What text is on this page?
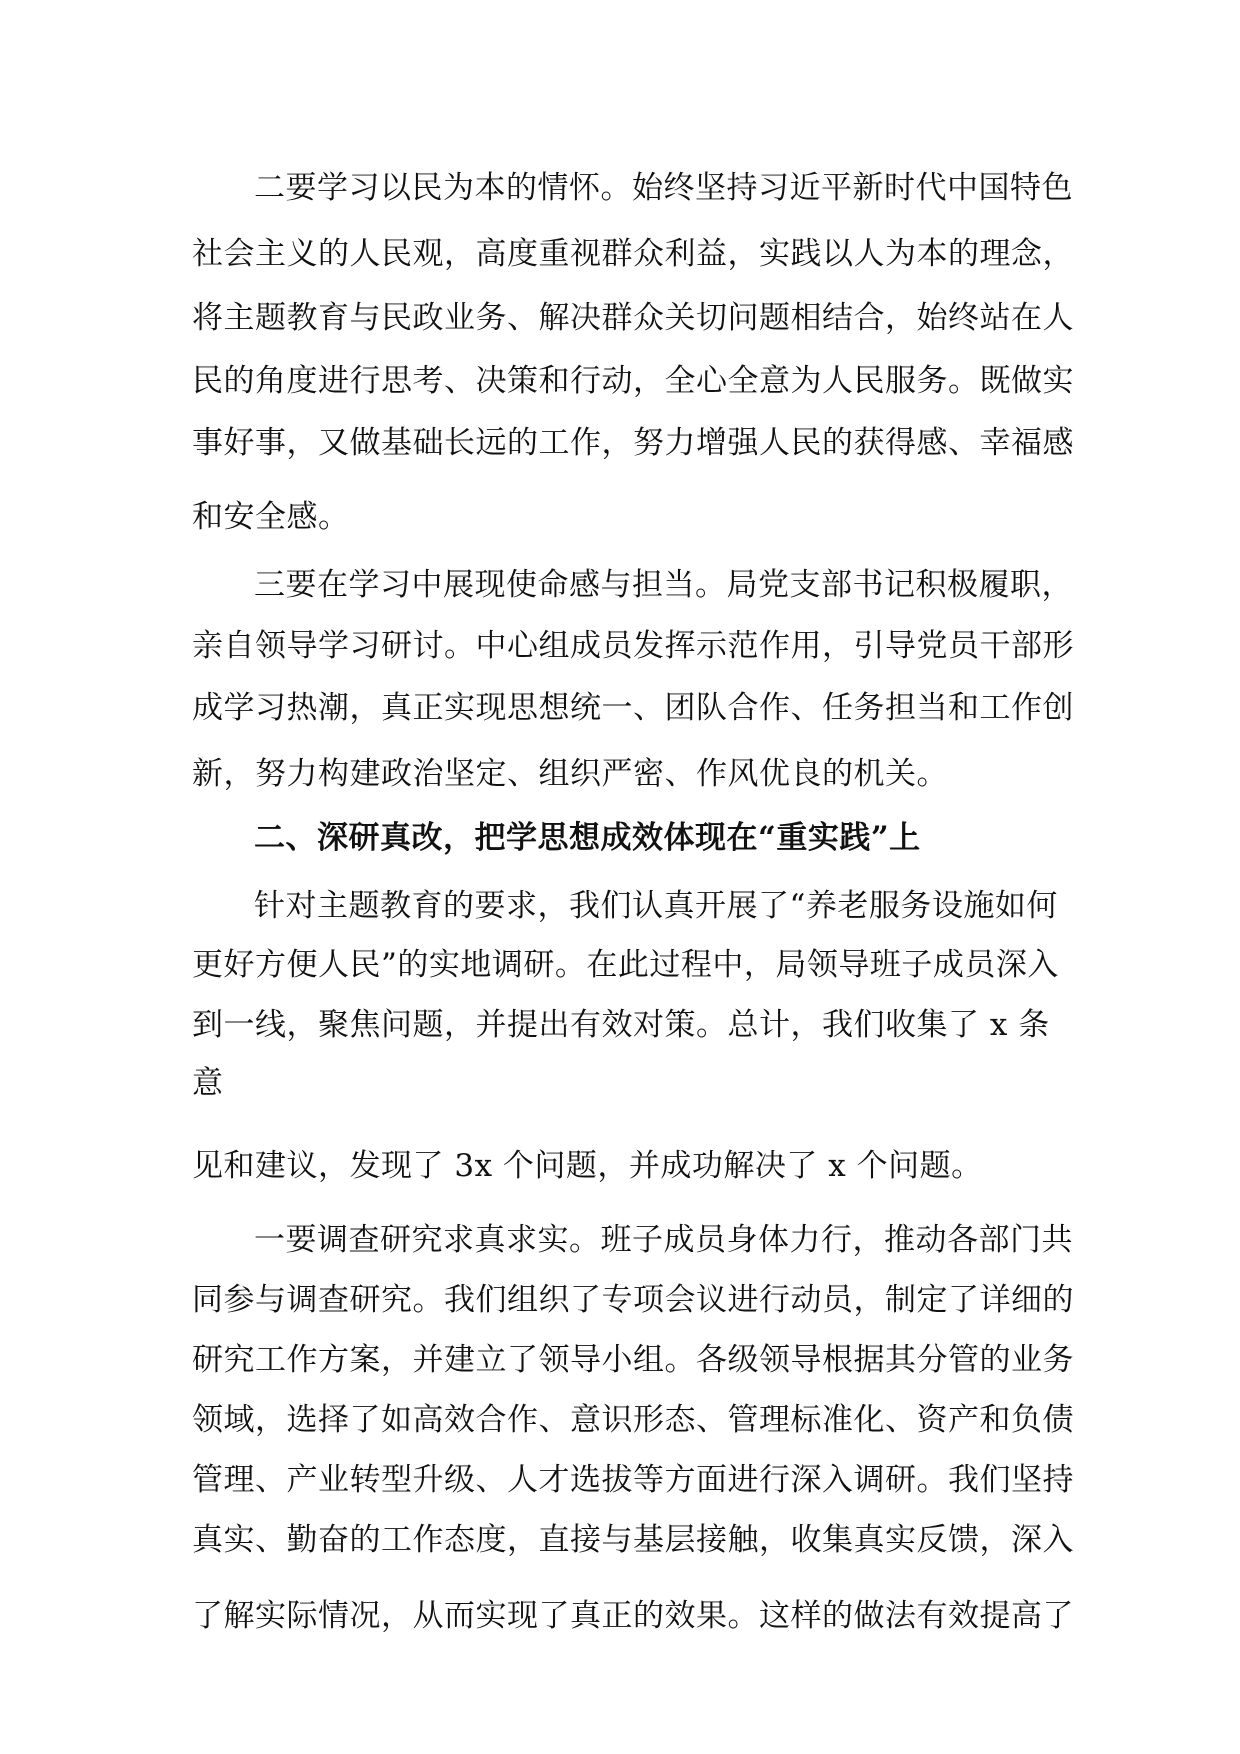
二要学习以民为本的情怀。始终坚持习近平新时代中国特色
社会主义的人民观，高度重视群众利益，实践以人为本的理念，
将主题教育与民政业务、解决群众关切问题相结合，始终站在人
民的角度进行思考、决策和行动，全心全意为人民服务。既做实
事好事，又做基础长远的工作，努力增强人民的获得感、幸福感
和安全感。
三要在学习中展现使命感与担当。局党支部书记积极履职，
亲自领导学习研讨。中心组成员发挥示范作用，引导党员干部形
成学习热潮，真正实现思想统一、团队合作、任务担当和工作创
新，努力构建政治坚定、组织严密、作风优良的机关。
二、深研真改，把学思想成效体现在“重实践”上
针对主题教育的要求，我们认真开展了“养老服务设施如何
更好方便人民”的实地调研。在此过程中，局领导班子成员深入
到一线，聚焦问题，并提出有效对策。总计，我们收集了 x 条
意
见和建议，发现了 3x 个问题，并成功解决了 x 个问题。
一要调查研究求真求实。班子成员身体力行，推动各部门共
同参与调查研究。我们组织了专项会议进行动员，制定了详细的
研究工作方案，并建立了领导小组。各级领导根据其分管的业务
领域，选择了如高效合作、意识形态、管理标准化、资产和负债
管理、产业转型升级、人才选拔等方面进行深入调研。我们坚持
真实、勤奋的工作态度，直接与基层接触，收集真实反馈，深入
了解实际情况，从而实现了真正的效果。这样的做法有效提高了
